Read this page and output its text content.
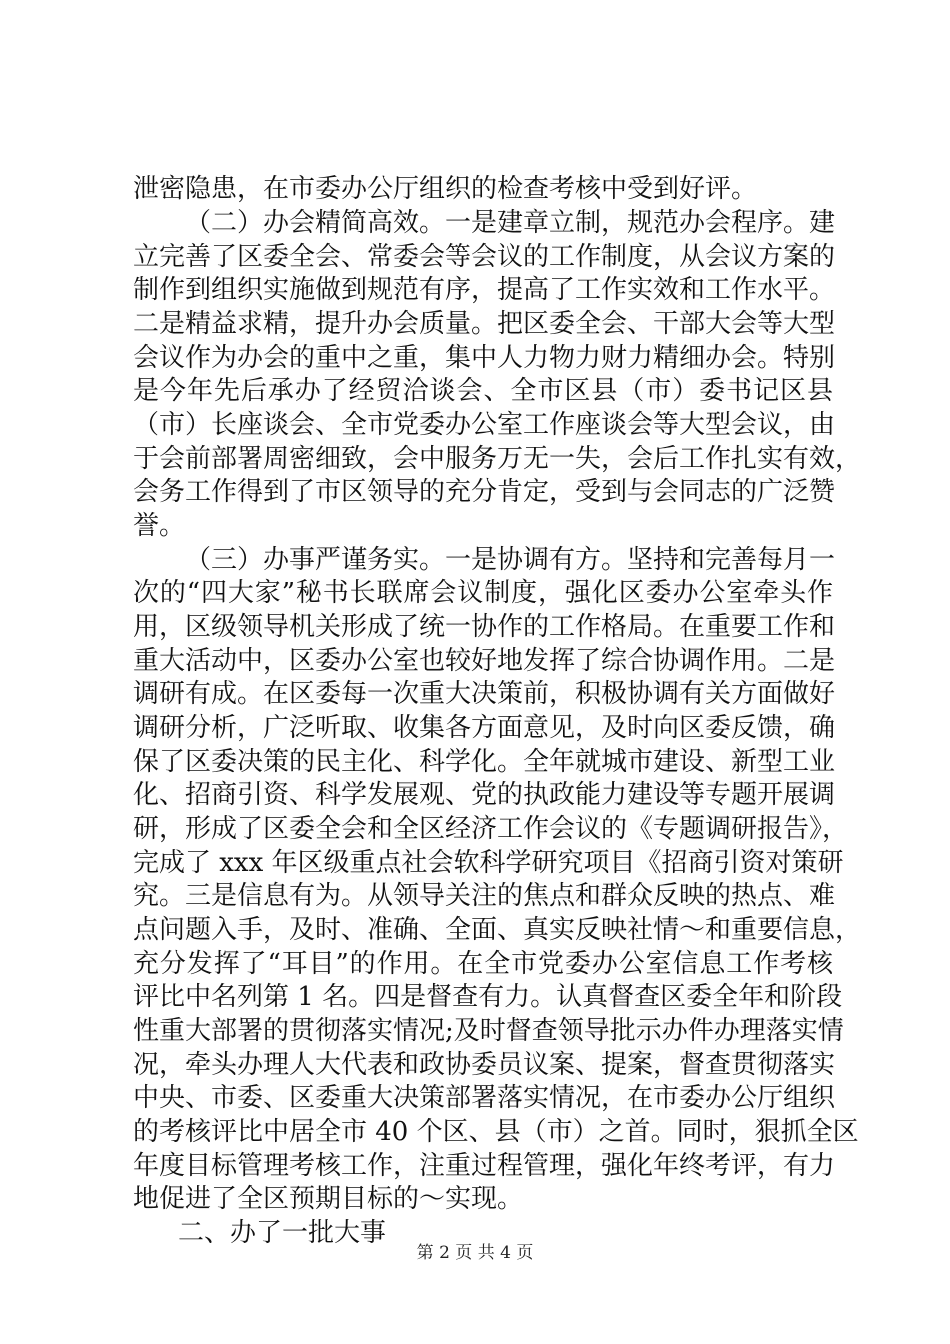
泄密隐患，在市委办公厅组织的检查考核中受到好评。
（二）办会精简高效。一是建章立制，规范办会程序。建
立完善了区委全会、常委会等会议的工作制度，从会议方案的
制作到组织实施做到规范有序，提高了工作实效和工作水平。
二是精益求精，提升办会质量。把区委全会、干部大会等大型
会议作为办会的重中之重，集中人力物力财力精细办会。特别
是今年先后承办了经贸洽谈会、全市区县（市）委书记区县
（市）长座谈会、全市党委办公室工作座谈会等大型会议，由
于会前部署周密细致，会中服务万无一失，会后工作扎实有效，
会务工作得到了市区领导的充分肯定，受到与会同志的广泛赞
誉。
（三）办事严谨务实。一是协调有方。坚持和完善每月一
次的“四大家”秘书长联席会议制度，强化区委办公室牵头作
用，区级领导机关形成了统一协作的工作格局。在重要工作和
重大活动中，区委办公室也较好地发挥了综合协调作用。二是
调研有成。在区委每一次重大决策前，积极协调有关方面做好
调研分析，广泛听取、收集各方面意见，及时向区委反馈，确
保了区委决策的民主化、科学化。全年就城市建设、新型工业
化、招商引资、科学发展观、党的执政能力建设等专题开展调
研，形成了区委全会和全区经济工作会议的《专题调研报告》，
完成了 xxx 年区级重点社会软科学研究项目《招商引资对策研
究。三是信息有为。从领导关注的焦点和群众反映的热点、难
点问题入手，及时、准确、全面、真实反映社情～和重要信息，
充分发挥了“耳目”的作用。在全市党委办公室信息工作考核
评比中名列第 1 名。四是督查有力。认真督查区委全年和阶段
性重大部署的贯彻落实情况;及时督查领导批示办件办理落实情
况，牵头办理人大代表和政协委员议案、提案，督查贯彻落实
中央、市委、区委重大决策部署落实情况，在市委办公厅组织
的考核评比中居全市 40 个区、县（市）之首。同时，狠抓全区
年度目标管理考核工作，注重过程管理，强化年终考评，有力
地促进了全区预期目标的～实现。
二、办了一批大事
第 2 页 共 4 页
